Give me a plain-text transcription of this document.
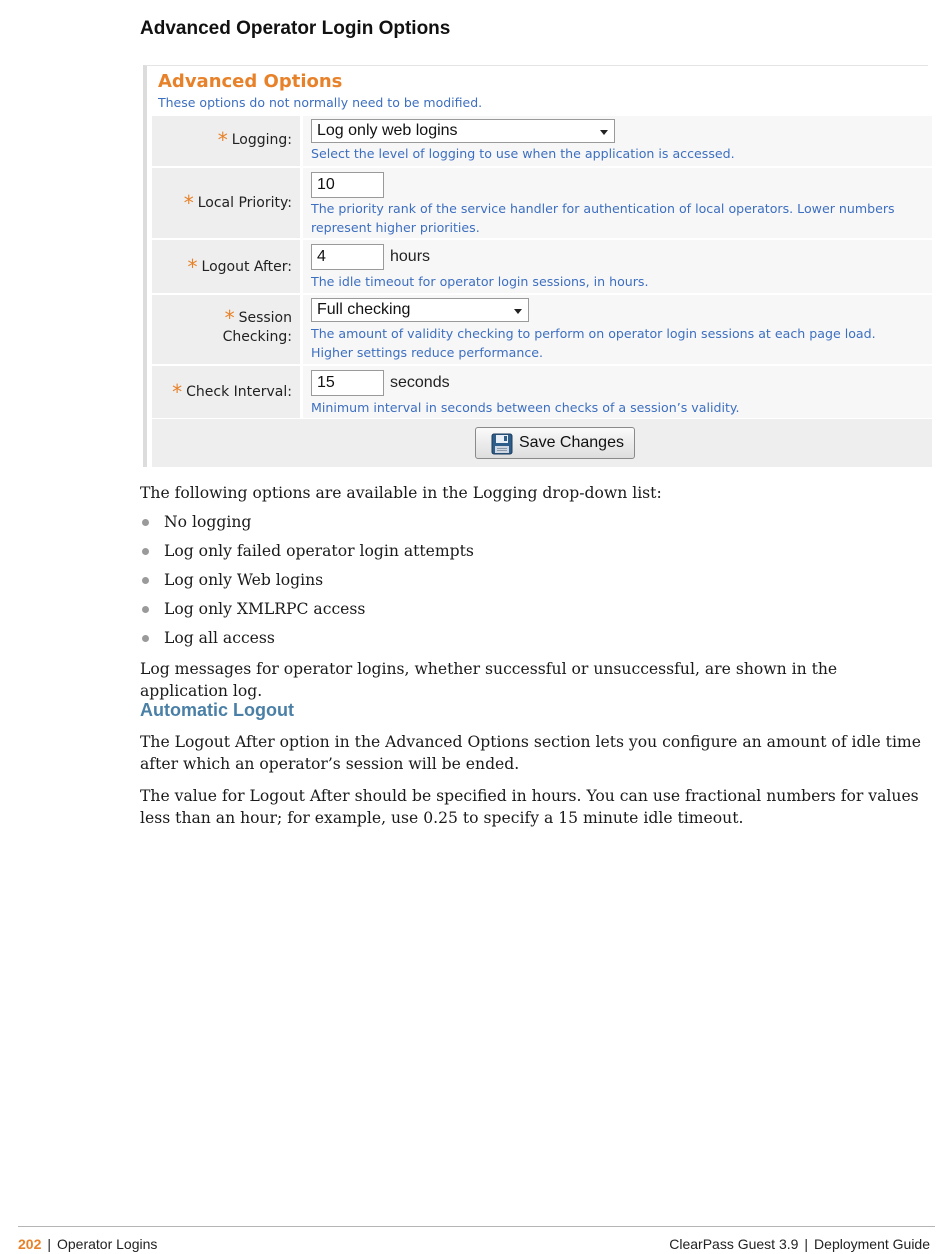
Advanced Operator Login Options
Advanced Options
These options do not normally need to be modified.
* Logging:
Log only web logins
Select the level of logging to use when the application is accessed.
* Local Priority:
10
The priority rank of the service handler for authentication of local operators. Lower numbers
represent higher priorities.
* Logout After:
4	hours
The idle timeout for operator login sessions, in hours.
* Session
Checking:
Full checking
The amount of validity checking to perform on operator login sessions at each page load.
Higher settings reduce performance.
* Check Interval:
15	seconds
Minimum interval in seconds between checks of a session’s validity.
Save Changes

The following options are available in the Logging drop-down list:

No logging
Log only failed operator login attempts
Log only Web logins
Log only XMLRPC access
Log all access

Log messages for operator logins, whether successful or unsuccessful, are shown in the application log.

Automatic Logout

The Logout After option in the Advanced Options section lets you configure an amount of idle time after which an operator’s session will be ended.

The value for Logout After should be specified in hours. You can use fractional numbers for values less than an hour; for example, use 0.25 to specify a 15 minute idle timeout.

202 | Operator Logins	ClearPass Guest 3.9 | Deployment Guide
